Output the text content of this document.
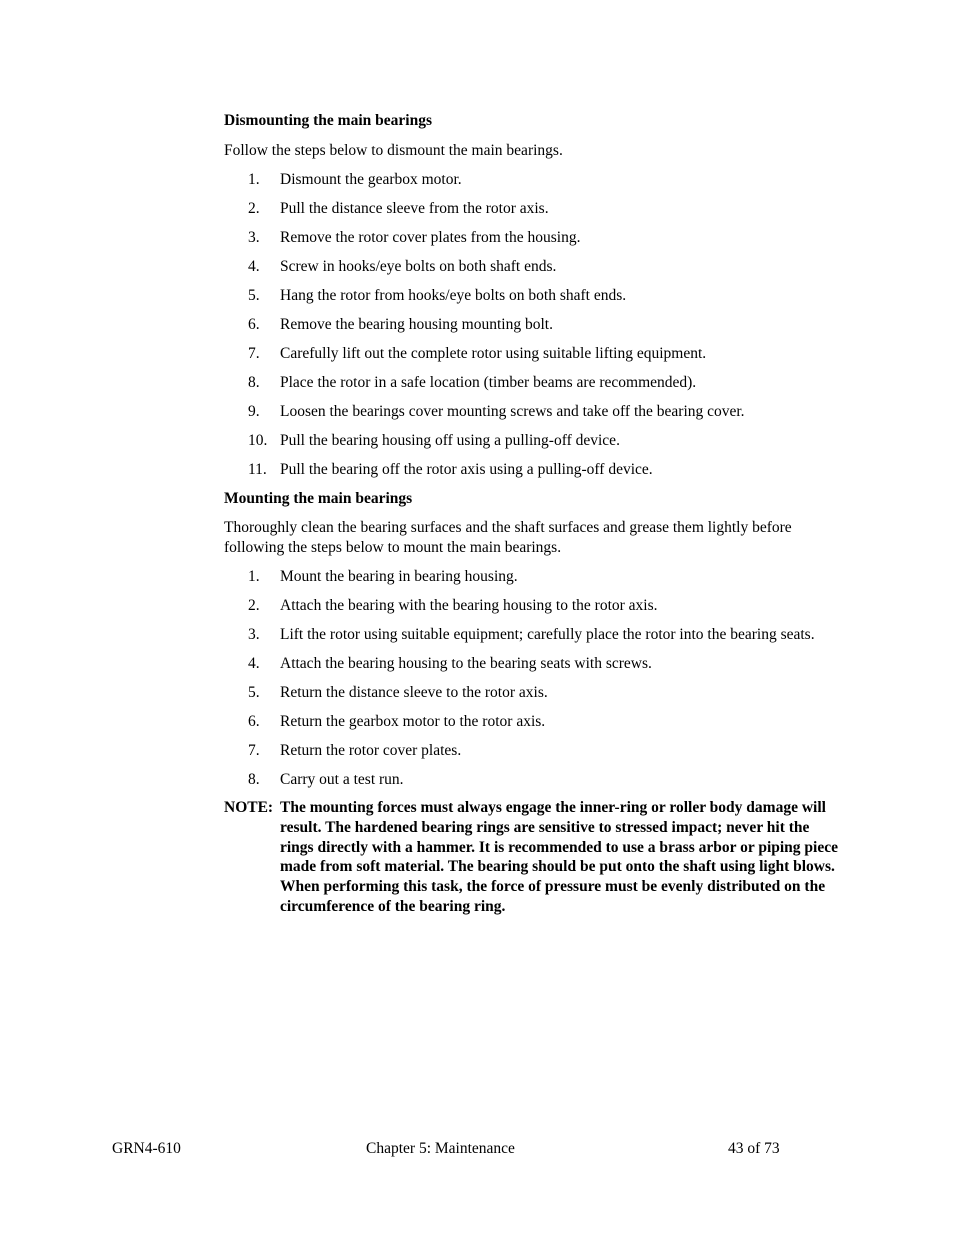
Dismounting the main bearings

Follow the steps below to dismount the main bearings.

1.	Dismount the gearbox motor.
2.	Pull the distance sleeve from the rotor axis.
3.	Remove the rotor cover plates from the housing.
4.	Screw in hooks/eye bolts on both shaft ends.
5.	Hang the rotor from hooks/eye bolts on both shaft ends.
6.	Remove the bearing housing mounting bolt.
7.	Carefully lift out the complete rotor using suitable lifting equipment.
8.	Place the rotor in a safe location (timber beams are recommended).
9.	Loosen the bearings cover mounting screws and take off the bearing cover.
10. Pull the bearing housing off using a pulling-off device.
11. Pull the bearing off the rotor axis using a pulling-off device.
Mounting the main bearings

Thoroughly clean the bearing surfaces and the shaft surfaces and grease them lightly before following the steps below to mount the main bearings.

1.	Mount the bearing in bearing housing.
2.	Attach the bearing with the bearing housing to the rotor axis.
3.	Lift the rotor using suitable equipment; carefully place the rotor into the bearing seats.
4.	Attach the bearing housing to the bearing seats with screws.
5.	Return the distance sleeve to the rotor axis.
6.	Return the gearbox motor to the rotor axis.
7.	Return the rotor cover plates.
8.	Carry out a test run.
NOTE: The mounting forces must always engage the inner-ring or roller body damage will result. The hardened bearing rings are sensitive to stressed impact; never hit the rings directly with a hammer. It is recommended to use a brass arbor or piping piece made from soft material. The bearing should be put onto the shaft using light blows. When performing this task, the force of pressure must be evenly distributed on the circumference of the bearing ring.
GRN4-610	Chapter 5: Maintenance	43 of 73
